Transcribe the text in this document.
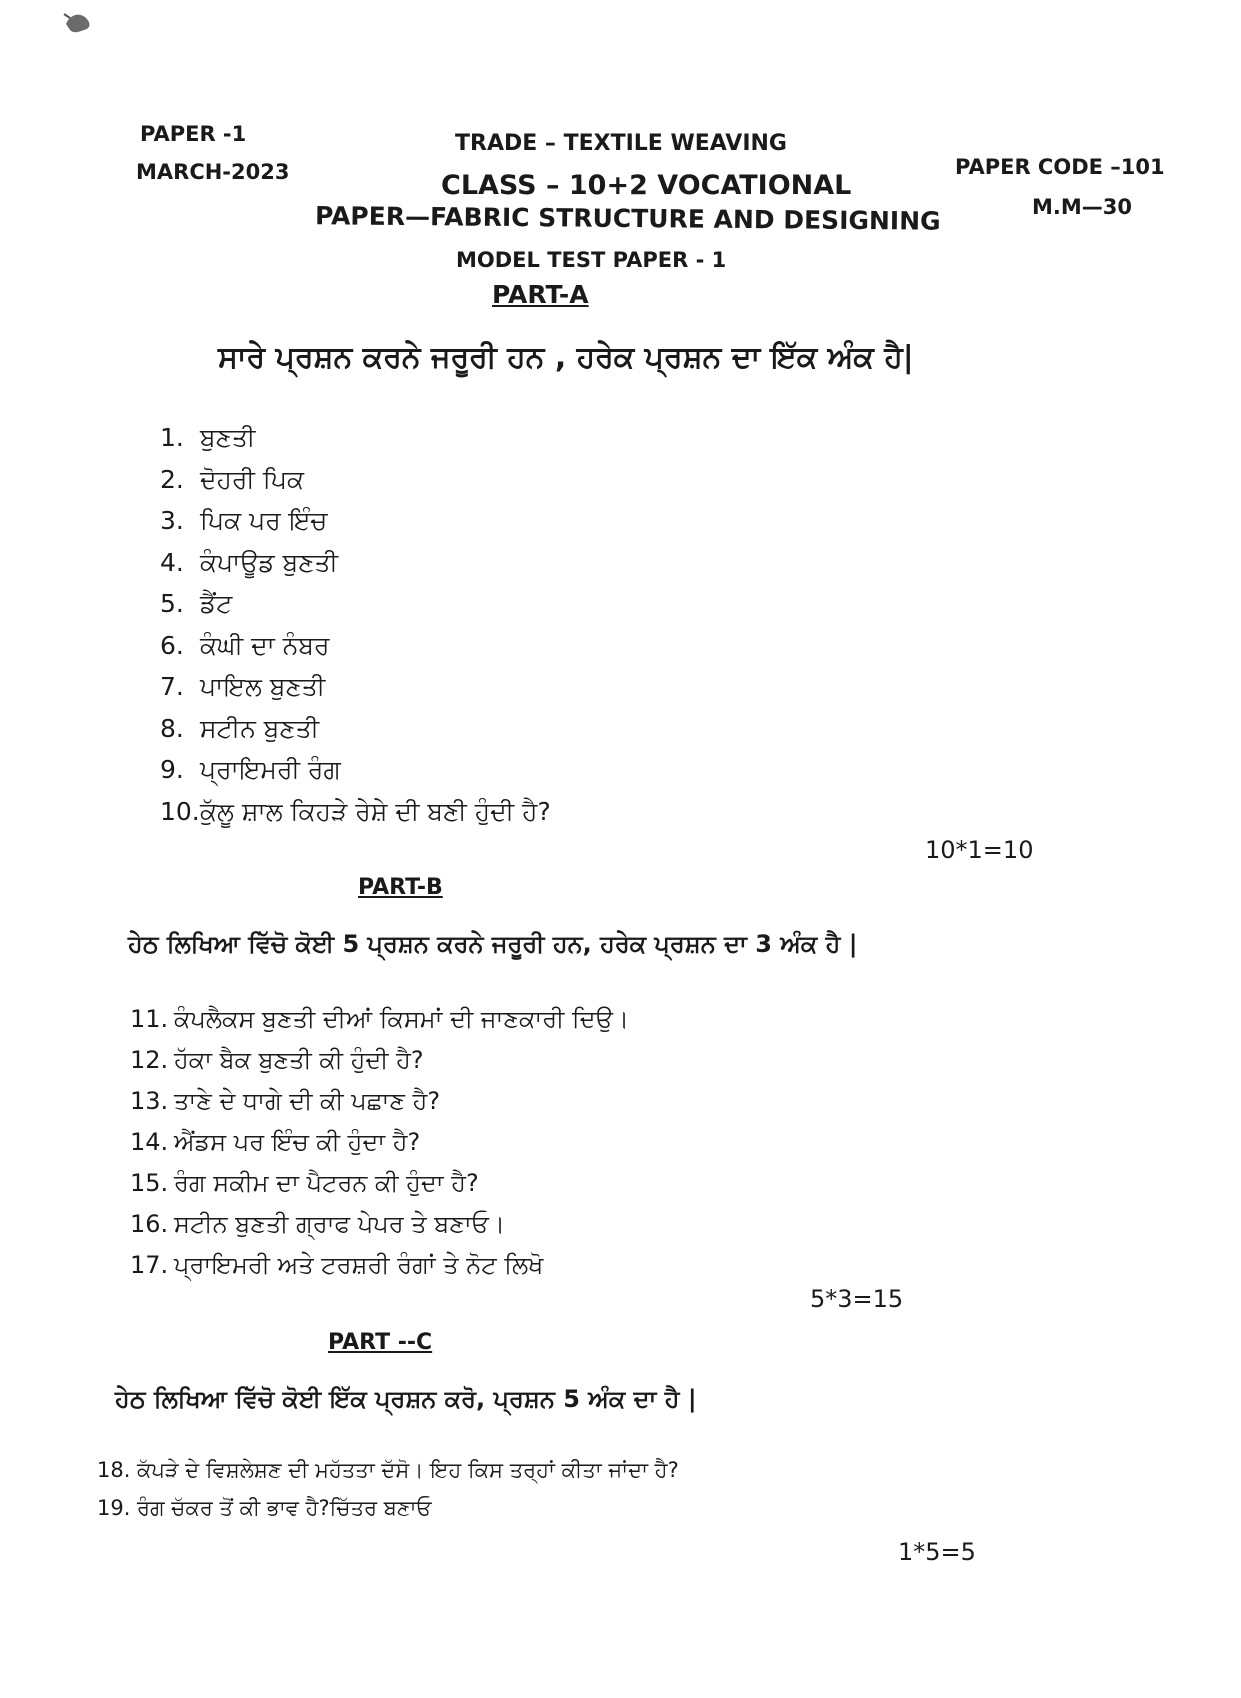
PAPER -1
MARCH-2023
TRADE – TEXTILE WEAVING
CLASS – 10+2 VOCATIONAL
PAPER—FABRIC STRUCTURE AND DESIGNING
MODEL TEST PAPER - 1
PAPER CODE –101
M.M—30
PART-A
ਸਾਰੇ ਪ੍ਰਸ਼ਨ ਕਰਨੇ ਜਰੂਰੀ ਹਨ , ਹਰੇਕ ਪ੍ਰਸ਼ਨ ਦਾ ਇੱਕ ਅੰਕ ਹੈ|
1. ਬੁਣਤੀ
2. ਦੋਹਰੀ ਪਿਕ
3. ਪਿਕ ਪਰ ਇੰਚ
4. ਕੰਪਾਊਡ ਬੁਣਤੀ
5. ਡੈਂਟ
6. ਕੰਘੀ ਦਾ ਨੰਬਰ
7. ਪਾਇਲ ਬੁਣਤੀ
8. ਸਟੀਨ ਬੁਣਤੀ
9. ਪ੍ਰਾਇਮਰੀ ਰੰਗ
10.ਕੁੱਲੂ ਸ਼ਾਲ ਕਿਹੜੇ ਰੇਸ਼ੇ ਦੀ ਬਣੀ ਹੁੰਦੀ ਹੈ?
10*1=10
PART-B
ਹੇਠ ਲਿਖਿਆ ਵਿੱਚੋ ਕੋਈ 5 ਪ੍ਰਸ਼ਨ ਕਰਨੇ ਜਰੂਰੀ ਹਨ, ਹਰੇਕ ਪ੍ਰਸ਼ਨ ਦਾ 3 ਅੰਕ ਹੈ |
11. ਕੰਪਲੈਕਸ ਬੁਣਤੀ ਦੀਆਂ ਕਿਸਮਾਂ ਦੀ ਜਾਣਕਾਰੀ ਦਿਉ।
12. ਹੱਕਾ ਬੈਕ ਬੁਣਤੀ ਕੀ ਹੁੰਦੀ ਹੈ?
13. ਤਾਣੇ ਦੇ ਧਾਗੇ ਦੀ ਕੀ ਪਛਾਣ ਹੈ?
14. ਐਂਡਸ ਪਰ ਇੰਚ ਕੀ ਹੁੰਦਾ ਹੈ?
15. ਰੰਗ ਸਕੀਮ ਦਾ ਪੈਟਰਨ ਕੀ ਹੁੰਦਾ ਹੈ?
16. ਸਟੀਨ ਬੁਣਤੀ ਗ੍ਰਾਫ ਪੇਪਰ ਤੇ ਬਣਾਓ।
17. ਪ੍ਰਾਇਮਰੀ ਅਤੇ ਟਰਸ਼ਰੀ ਰੰਗਾਂ ਤੇ ਨੋਟ ਲਿਖੋ
5*3=15
PART --C
ਹੇਠ ਲਿਖਿਆ ਵਿੱਚੋ ਕੋਈ ਇੱਕ ਪ੍ਰਸ਼ਨ ਕਰੋ, ਪ੍ਰਸ਼ਨ 5 ਅੰਕ ਦਾ ਹੈ |
18. ਕੱਪੜੇ ਦੇ ਵਿਸ਼ਲੇਸ਼ਣ ਦੀ ਮਹੱਤਤਾ ਦੱਸੋ। ਇਹ ਕਿਸ ਤਰ੍ਹਾਂ ਕੀਤਾ ਜਾਂਦਾ ਹੈ?
19. ਰੰਗ ਚੱਕਰ ਤੋਂ ਕੀ ਭਾਵ ਹੈ?ਚਿੱਤਰ ਬਣਾਓ
1*5=5
